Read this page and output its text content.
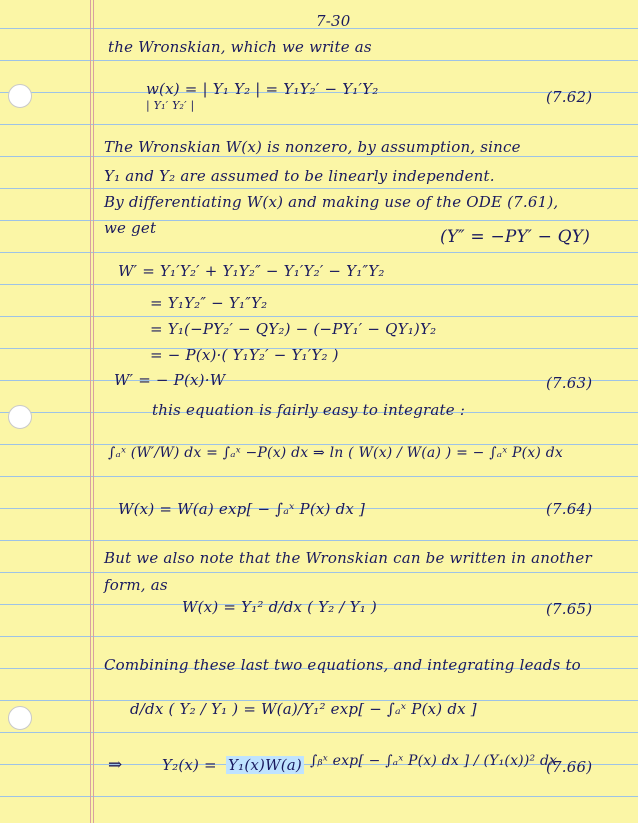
7-30
the Wronskian, which we write as
w(x) = | Y₁ Y₂ | = Y₁Y₂′ − Y₁′Y₂
| Y₁′ Y₂′ |	(7.62)
The Wronskian W(x) is nonzero, by assumption, since
Y₁ and Y₂ are assumed to be linearly independent.
By differentiating W(x) and making use of the ODE (7.61),
we get	(Y″ = −PY′ − QY)
W′ = Y₁′Y₂′ + Y₁Y₂″ − Y₁′Y₂′ − Y₁″Y₂
= Y₁Y₂″ − Y₁″Y₂
= Y₁(−PY₂′ − QY₂) − (−PY₁′ − QY₁)Y₂
= − P(x)·( Y₁Y₂′ − Y₁′Y₂ )
W′ = − P(x)·W	(7.63)
this equation is fairly easy to integrate :
∫ₐˣ (W′/W) dx = ∫ₐˣ −P(x) dx ⇒ ln ( W(x) / W(a) ) = − ∫ₐˣ P(x) dx
W(x) = W(a) exp[ − ∫ₐˣ P(x) dx ]	(7.64)
But we also note that the Wronskian can be written in another
form, as
W(x) = Y₁² d/dx ( Y₂ / Y₁ )	(7.65)
Combining these last two equations, and integrating leads to
d/dx ( Y₂ / Y₁ ) = W(a)/Y₁² exp[ − ∫ₐˣ P(x) dx ]
⇒	Y₂(x) = Y₁(x)W(a) ∫ᵦˣ exp[ − ∫ₐˣ P(x) dx ] / (Y₁(x))² dx
(7.66)
